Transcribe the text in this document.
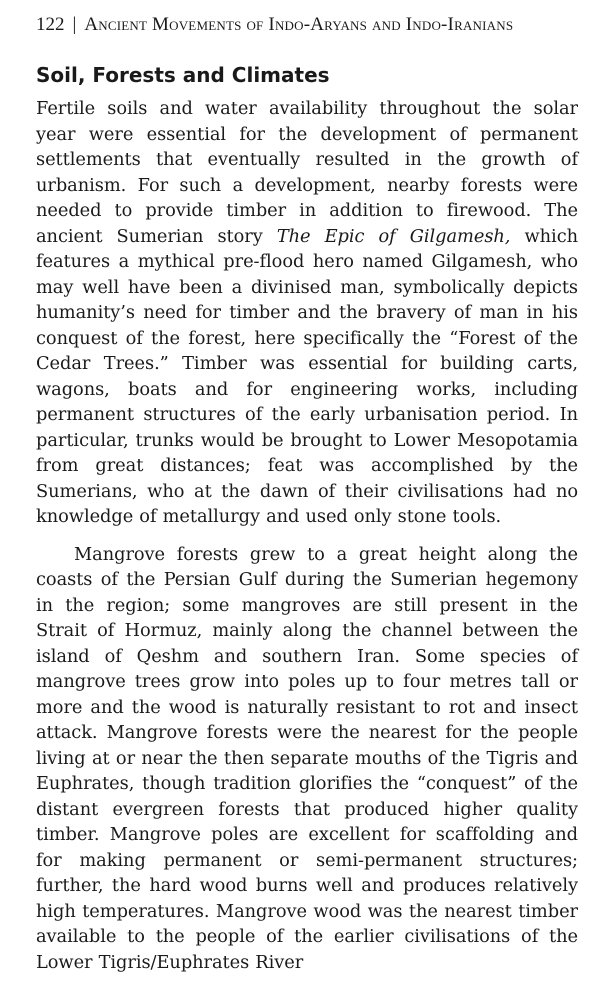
122 | Ancient Movements of Indo-Aryans and Indo-Iranians
Soil, Forests and Climates

Fertile soils and water availability throughout the solar year were essential for the development of permanent settlements that eventually resulted in the growth of urbanism. For such a development, nearby forests were needed to provide timber in addition to firewood. The ancient Sumerian story The Epic of Gilgamesh, which features a mythical pre-flood hero named Gilgamesh, who may well have been a divinised man, symbolically depicts humanity’s need for timber and the bravery of man in his conquest of the forest, here specifically the “Forest of the Cedar Trees.” Timber was essential for building carts, wagons, boats and for engineering works, including permanent structures of the early urbanisation period. In particular, trunks would be brought to Lower Mesopotamia from great distances; feat was accomplished by the Sumerians, who at the dawn of their civilisations had no knowledge of metallurgy and used only stone tools.

Mangrove forests grew to a great height along the coasts of the Persian Gulf during the Sumerian hegemony in the region; some mangroves are still present in the Strait of Hormuz, mainly along the channel between the island of Qeshm and southern Iran. Some species of mangrove trees grow into poles up to four metres tall or more and the wood is naturally resistant to rot and insect attack. Mangrove forests were the nearest for the people living at or near the then separate mouths of the Tigris and Euphrates, though tradition glorifies the “conquest” of the distant evergreen forests that produced higher quality timber. Mangrove poles are excellent for scaffolding and for making permanent or semi-permanent structures; further, the hard wood burns well and produces relatively high temperatures. Mangrove wood was the nearest timber available to the people of the earlier civilisations of the Lower Tigris/Euphrates River
